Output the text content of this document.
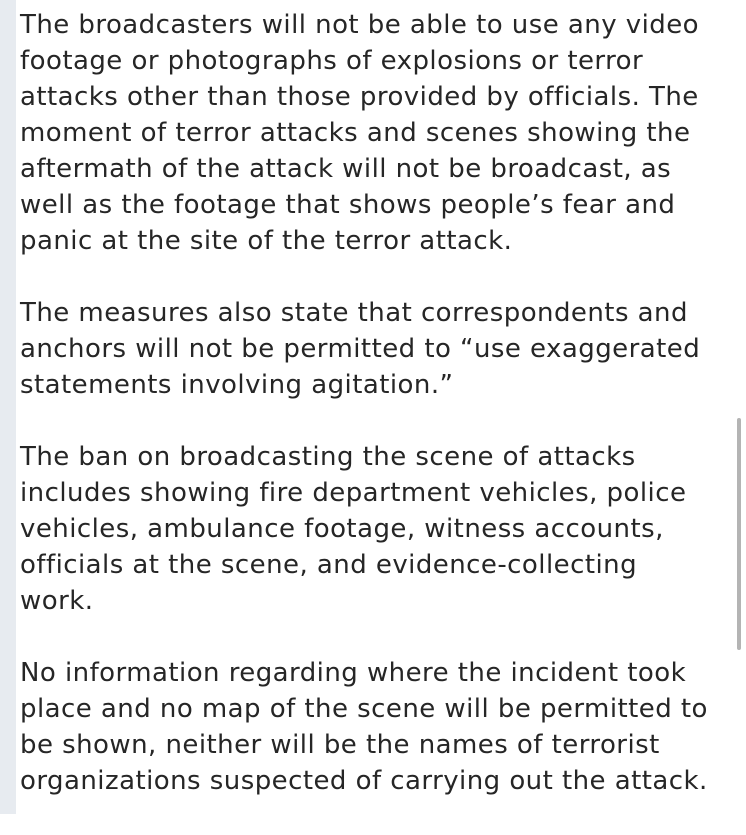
The broadcasters will not be able to use any video
footage or photographs of explosions or terror
attacks other than those provided by officials. The
moment of terror attacks and scenes showing the
aftermath of the attack will not be broadcast, as
well as the footage that shows people’s fear and
panic at the site of the terror attack.

The measures also state that correspondents and
anchors will not be permitted to “use exaggerated
statements involving agitation.”

The ban on broadcasting the scene of attacks
includes showing fire department vehicles, police
vehicles, ambulance footage, witness accounts,
officials at the scene, and evidence-collecting
work.

No information regarding where the incident took
place and no map of the scene will be permitted to
be shown, neither will be the names of terrorist
organizations suspected of carrying out the attack.
